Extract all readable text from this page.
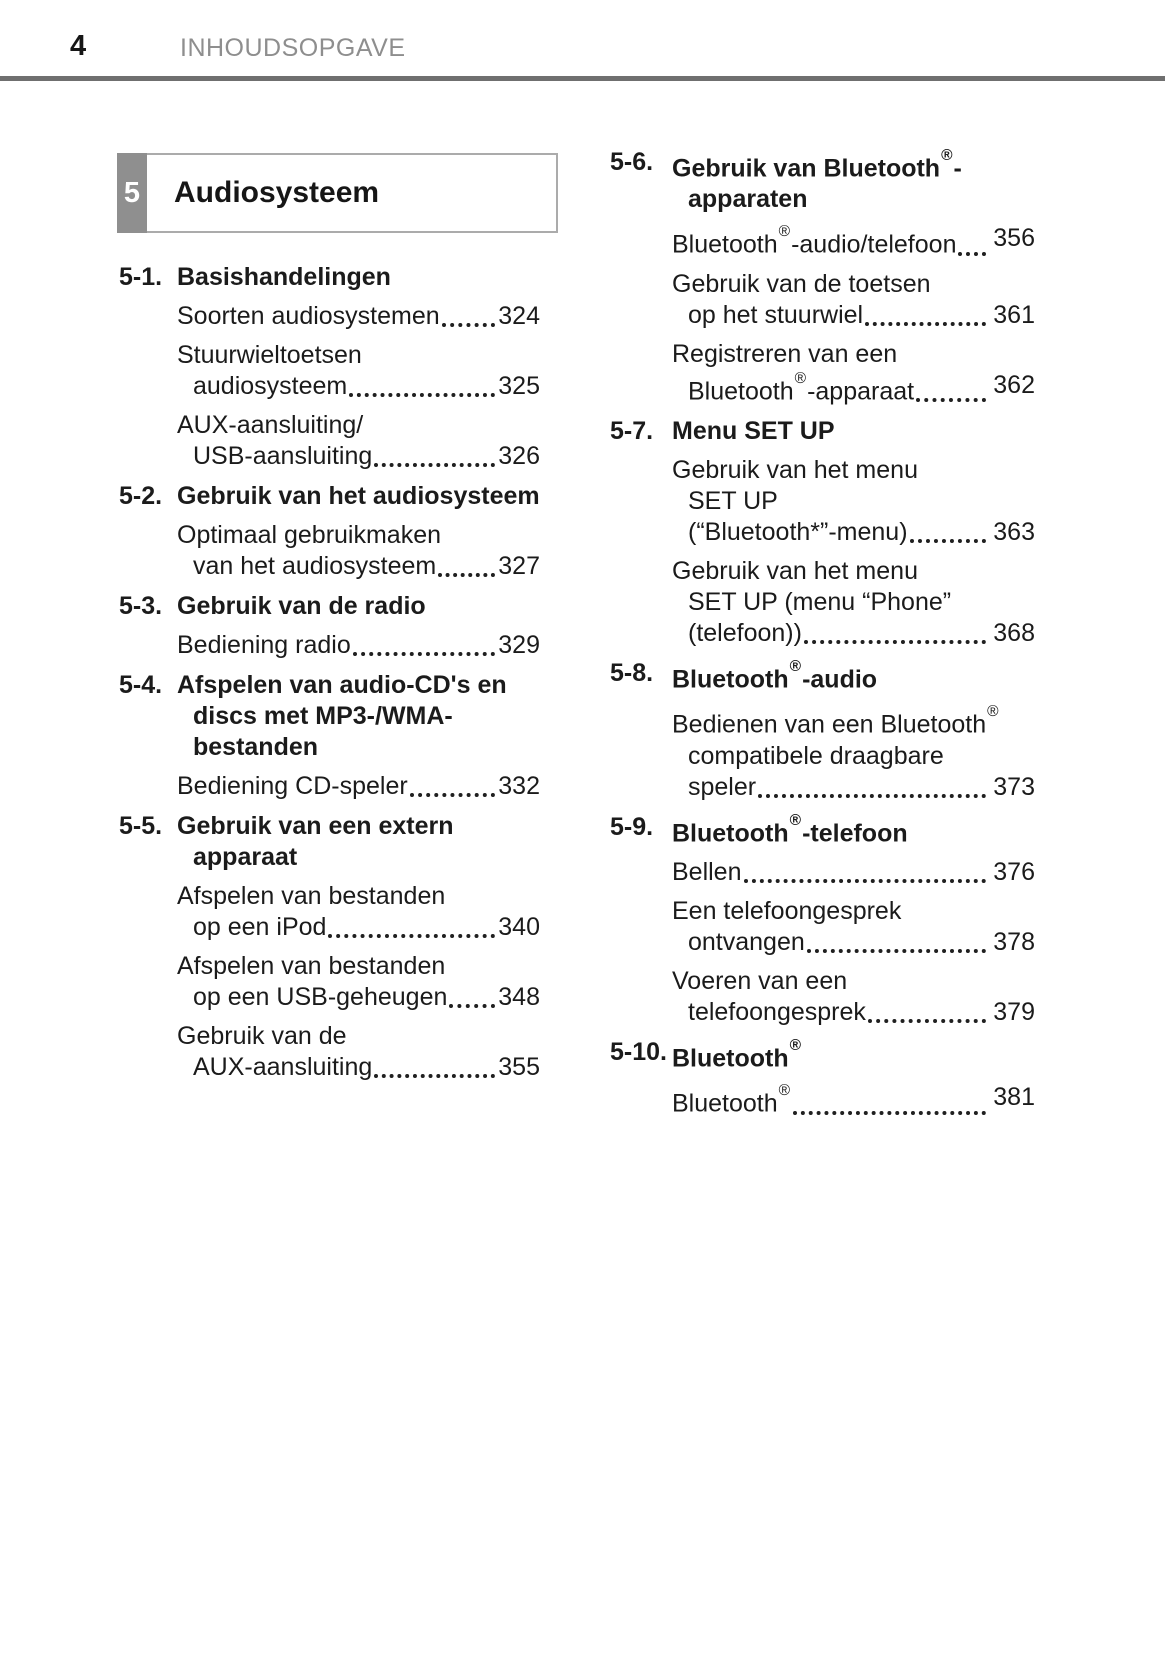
4	INHOUDSOPGAVE
5 Audiosysteem
5-1. Basishandelingen
Soorten audiosystemen 324
Stuurwieltoetsen
audiosysteem	325
AUX-aansluiting/
USB-aansluiting	326
5-2. Gebruik van het audiosysteem
Optimaal gebruikmaken
van het audiosysteem 327
5-3. Gebruik van de radio
Bediening radio	329
5-4. Afspelen van audio-CD's en
discs met MP3-/WMA-
bestanden
Bediening CD-speler	332
5-5. Gebruik van een extern
apparaat
Afspelen van bestanden
op een iPod	340
Afspelen van bestanden
op een USB-geheugen 348
Gebruik van de
AUX-aansluiting	355
5-6. Gebruik van Bluetooth®-
apparaten
Bluetooth®-audio/telefoon 356
Gebruik van de toetsen
op het stuurwiel	361
Registreren van een
Bluetooth®-apparaat	362
5-7. Menu SET UP
Gebruik van het menu
SET UP
(“Bluetooth*”-menu)	363
Gebruik van het menu
SET UP (menu “Phone”
(telefoon))	368
5-8. Bluetooth®-audio
Bedienen van een Bluetooth®
compatibele draagbare
speler	373
5-9. Bluetooth®-telefoon
Bellen	376
Een telefoongesprek
ontvangen	378
Voeren van een
telefoongesprek	379
5-10. Bluetooth®
Bluetooth®	381
